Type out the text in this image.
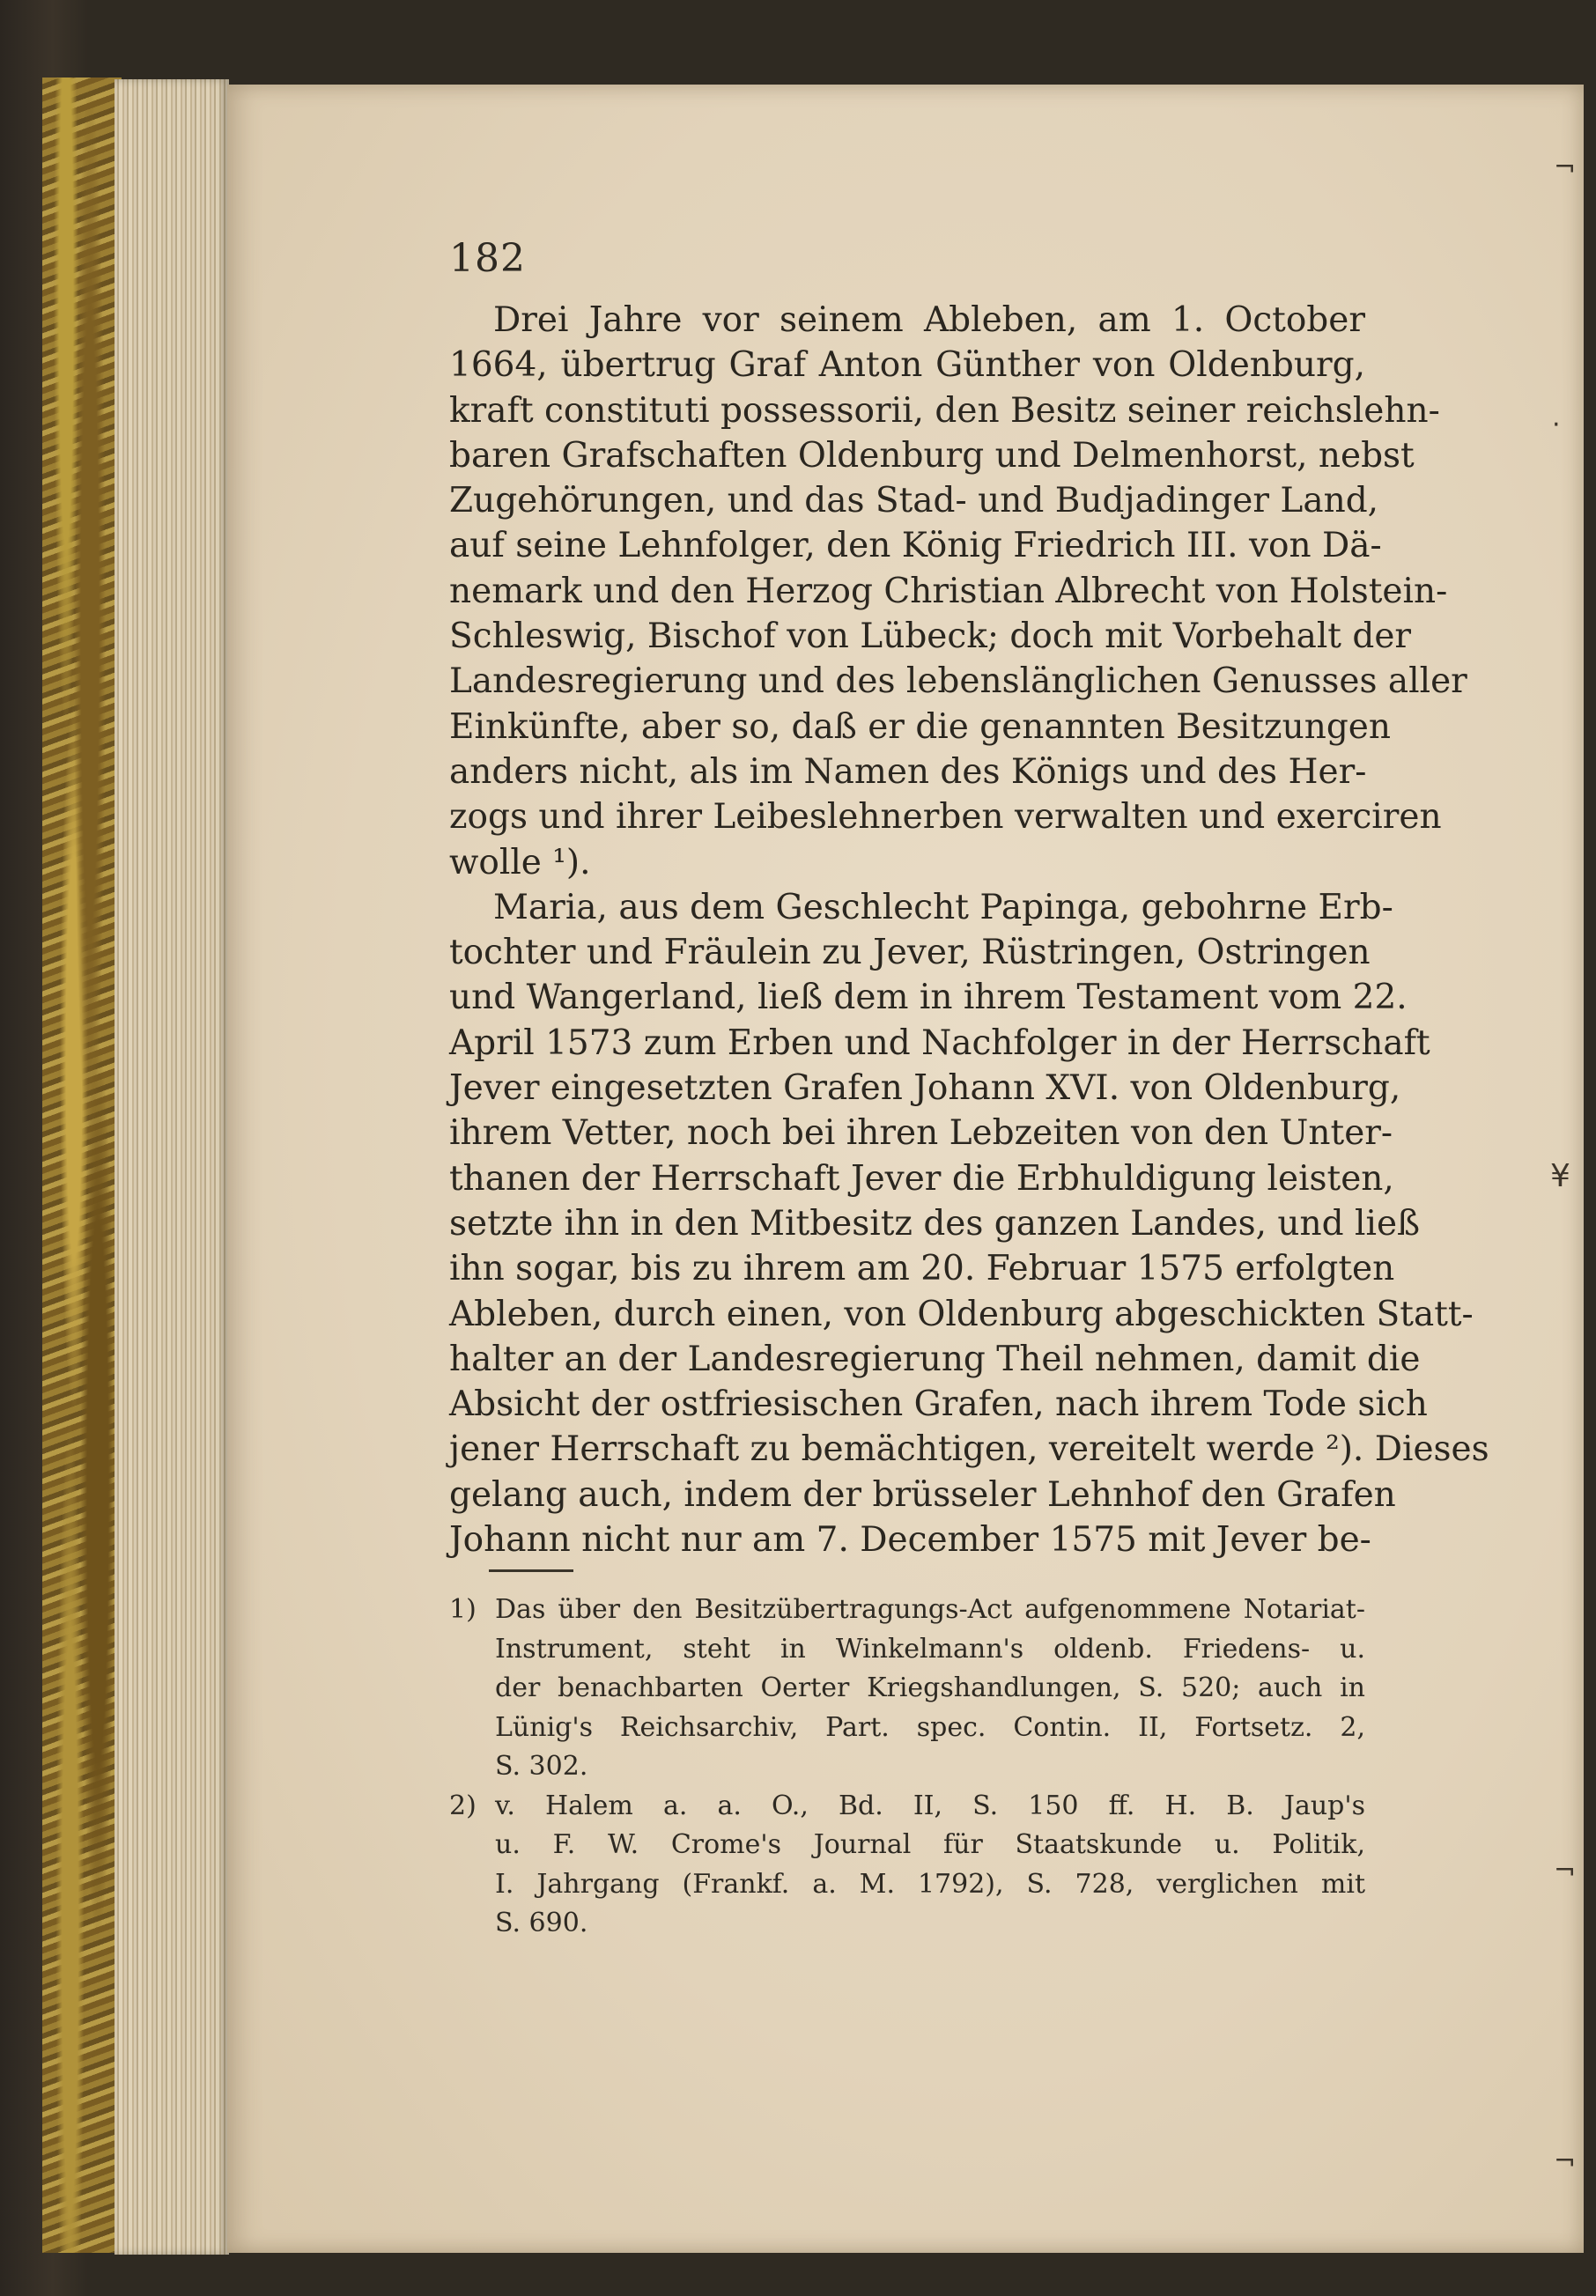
¬
·
¥
¬
¬
182
Drei Jahre vor seinem Ableben, am 1. October
1664, übertrug Graf Anton Günther von Oldenburg,
kraft constituti possessorii, den Besitz seiner reichslehn-
baren Grafschaften Oldenburg und Delmenhorst, nebst
Zugehörungen, und das Stad- und Budjadinger Land,
auf seine Lehnfolger, den König Friedrich III. von Dä-
nemark und den Herzog Christian Albrecht von Holstein-
Schleswig, Bischof von Lübeck; doch mit Vorbehalt der
Landesregierung und des lebenslänglichen Genusses aller
Einkünfte, aber so, daß er die genannten Besitzungen
anders nicht, als im Namen des Königs und des Her-
zogs und ihrer Leibeslehnerben verwalten und exerciren
wolle ¹).
Maria, aus dem Geschlecht Papinga, gebohrne Erb-
tochter und Fräulein zu Jever, Rüstringen, Ostringen
und Wangerland, ließ dem in ihrem Testament vom 22.
April 1573 zum Erben und Nachfolger in der Herrschaft
Jever eingesetzten Grafen Johann XVI. von Oldenburg,
ihrem Vetter, noch bei ihren Lebzeiten von den Unter-
thanen der Herrschaft Jever die Erbhuldigung leisten,
setzte ihn in den Mitbesitz des ganzen Landes, und ließ
ihn sogar, bis zu ihrem am 20. Februar 1575 erfolgten
Ableben, durch einen, von Oldenburg abgeschickten Statt-
halter an der Landesregierung Theil nehmen, damit die
Absicht der ostfriesischen Grafen, nach ihrem Tode sich
jener Herrschaft zu bemächtigen, vereitelt werde ²). Dieses
gelang auch, indem der brüsseler Lehnhof den Grafen
Johann nicht nur am 7. December 1575 mit Jever be-
1) Das über den Besitzübertragungs-Act aufgenommene Notariat-
Instrument, steht in Winkelmann's oldenb. Friedens- u.
der benachbarten Oerter Kriegshandlungen, S. 520; auch in
Lünig's Reichsarchiv, Part. spec. Contin. II, Fortsetz. 2,
S. 302.
2) v. Halem a. a. O., Bd. II, S. 150 ff. H. B. Jaup's
u. F. W. Crome's Journal für Staatskunde u. Politik,
I. Jahrgang (Frankf. a. M. 1792), S. 728, verglichen mit
S. 690.
